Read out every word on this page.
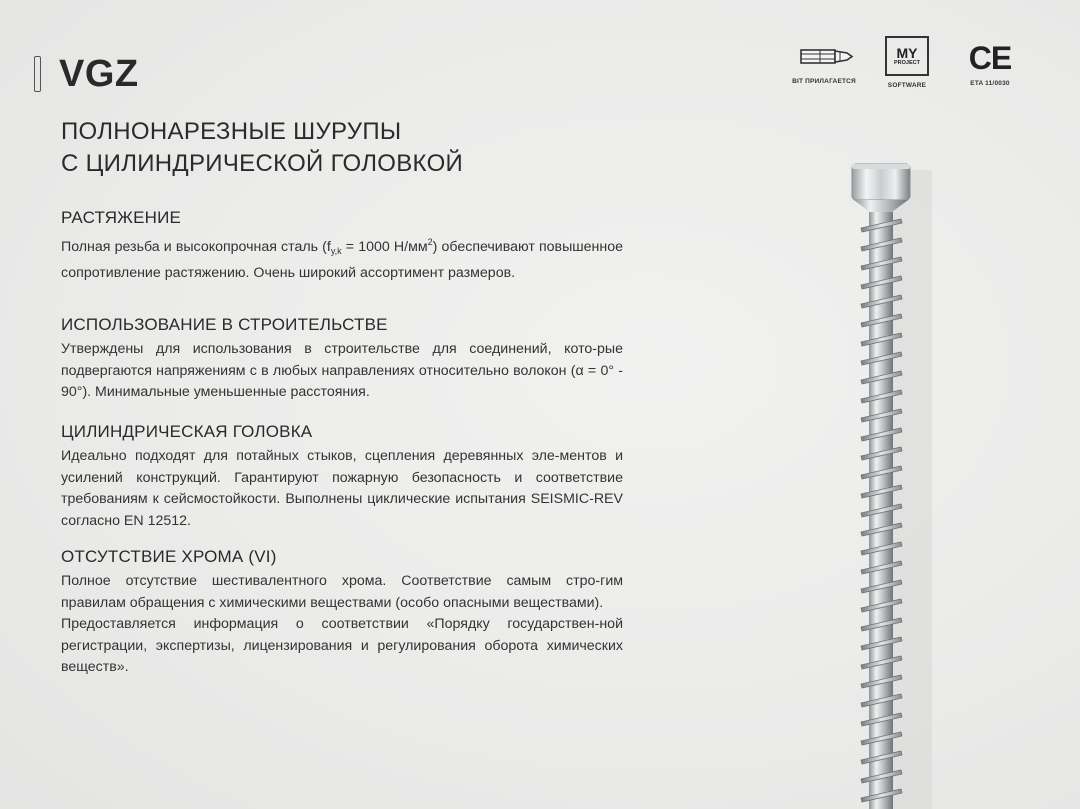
VGZ
ПОЛНОНАРЕЗНЫЕ ШУРУПЫ
С ЦИЛИНДРИЧЕСКОЙ ГОЛОВКОЙ
BIT ПРИЛАГАЕТСЯ
MY
PROJECT
SOFTWARE
CE
ETA 11/0030
РАСТЯЖЕНИЕ
Полная резьба и высокопрочная сталь ($f_{y,k} = 1000$ $Н/мм^2$) обеспечивают повышенное сопротивление растяжению. Очень широкий ассортимент размеров.
ИСПОЛЬЗОВАНИЕ В СТРОИТЕЛЬСТВЕ
Утверждены для использования в строительстве для соединений, кото-рые подвергаются напряжениям с в любых направлениях относительно волокон (α = 0° - 90°). Минимальные уменьшенные расстояния.
ЦИЛИНДРИЧЕСКАЯ ГОЛОВКА
Идеально подходят для потайных стыков, сцепления деревянных эле-ментов и усилений конструкций. Гарантируют пожарную безопасность и соответствие требованиям к сейсмостойкости. Выполнены циклические испытания SEISMIC-REV согласно EN 12512.
ОТСУТСТВИЕ ХРОМА (VI)

Полное отсутствие шестивалентного хрома. Соответствие самым стро-гим правилам обращения с химическими веществами (особо опасными веществами).

Предоставляется информация о соответствии «Порядку государствен-ной регистрации, экспертизы, лицензирования и регулирования оборота химических веществ».
